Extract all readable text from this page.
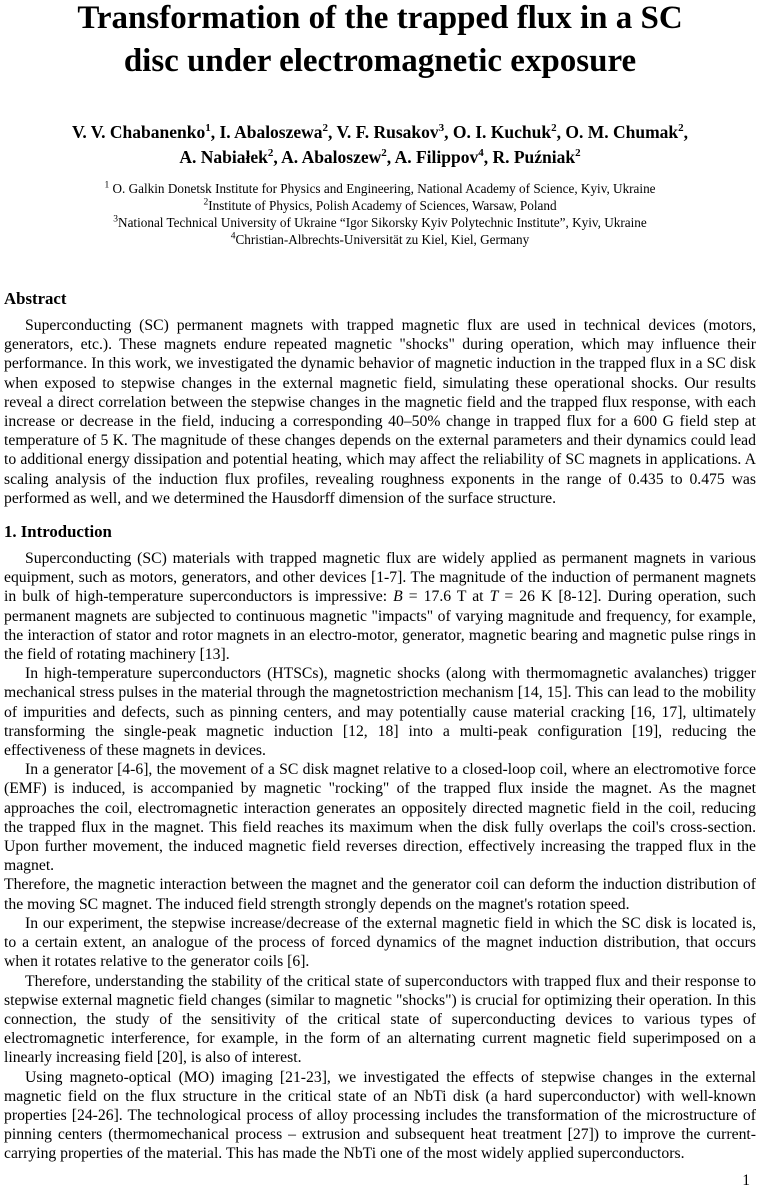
Transformation of the trapped flux in a SC
disc under electromagnetic exposure
V. V. Chabanenko$^1$, I. Abaloszewa$^2$, V. F. Rusakov$^3$, O. I. Kuchuk$^2$, O. M. Chumak$^2$,
A. Nabiałek$^2$, A. Abaloszew$^2$, A. Filippov$^4$, R. Puźniak$^2$
$^1$ O. Galkin Donetsk Institute for Physics and Engineering, National Academy of Science, Kyiv, Ukraine
$^2$Institute of Physics, Polish Academy of Sciences, Warsaw, Poland
$^3$National Technical University of Ukraine “Igor Sikorsky Kyiv Polytechnic Institute”, Kyiv, Ukraine
$^4$Christian-Albrechts-Universität zu Kiel, Kiel, Germany
Abstract

Superconducting (SC) permanent magnets with trapped magnetic flux are used in technical devices (motors, generators, etc.). These magnets endure repeated magnetic "shocks" during operation, which may influence their performance. In this work, we investigated the dynamic behavior of magnetic induction in the trapped flux in a SC disk when exposed to stepwise changes in the external magnetic field, simulating these operational shocks. Our results reveal a direct correlation between the stepwise changes in the magnetic field and the trapped flux response, with each increase or decrease in the field, inducing a corresponding 40–50% change in trapped flux for a 600 G field step at temperature of 5 K. The magnitude of these changes depends on the external parameters and their dynamics could lead to additional energy dissipation and potential heating, which may affect the reliability of SC magnets in applications. A scaling analysis of the induction flux profiles, revealing roughness exponents in the range of 0.435 to 0.475 was performed as well, and we determined the Hausdorff dimension of the surface structure.

1. Introduction

Superconducting (SC) materials with trapped magnetic flux are widely applied as permanent magnets in various equipment, such as motors, generators, and other devices [1-7]. The magnitude of the induction of permanent magnets in bulk of high-temperature superconductors is impressive: B = 17.6 T at T = 26 K [8-12]. During operation, such permanent magnets are subjected to continuous magnetic "impacts" of varying magnitude and frequency, for example, the interaction of stator and rotor magnets in an electro-motor, generator, magnetic bearing and magnetic pulse rings in the field of rotating machinery [13].

In high-temperature superconductors (HTSCs), magnetic shocks (along with thermomagnetic avalanches) trigger mechanical stress pulses in the material through the magnetostriction mechanism [14, 15]. This can lead to the mobility of impurities and defects, such as pinning centers, and may potentially cause material cracking [16, 17], ultimately transforming the single-peak magnetic induction [12, 18] into a multi-peak configuration [19], reducing the effectiveness of these magnets in devices.

In a generator [4-6], the movement of a SC disk magnet relative to a closed-loop coil, where an electromotive force (EMF) is induced, is accompanied by magnetic "rocking" of the trapped flux inside the magnet. As the magnet approaches the coil, electromagnetic interaction generates an oppositely directed magnetic field in the coil, reducing the trapped flux in the magnet. This field reaches its maximum when the disk fully overlaps the coil's cross-section. Upon further movement, the induced magnetic field reverses direction, effectively increasing the trapped flux in the magnet.

Therefore, the magnetic interaction between the magnet and the generator coil can deform the induction distribution of the moving SC magnet. The induced field strength strongly depends on the magnet's rotation speed.

In our experiment, the stepwise increase/decrease of the external magnetic field in which the SC disk is located is, to a certain extent, an analogue of the process of forced dynamics of the magnet induction distribution, that occurs when it rotates relative to the generator coils [6].

Therefore, understanding the stability of the critical state of superconductors with trapped flux and their response to stepwise external magnetic field changes (similar to magnetic "shocks") is crucial for optimizing their operation. In this connection, the study of the sensitivity of the critical state of superconducting devices to various types of electromagnetic interference, for example, in the form of an alternating current magnetic field superimposed on a linearly increasing field [20], is also of interest.

Using magneto-optical (MO) imaging [21-23], we investigated the effects of stepwise changes in the external magnetic field on the flux structure in the critical state of an NbTi disk (a hard superconductor) with well-known properties [24-26]. The technological process of alloy processing includes the transformation of the microstructure of pinning centers (thermomechanical process – extrusion and subsequent heat treatment [27]) to improve the current-carrying properties of the material. This has made the NbTi one of the most widely applied superconductors.

1
